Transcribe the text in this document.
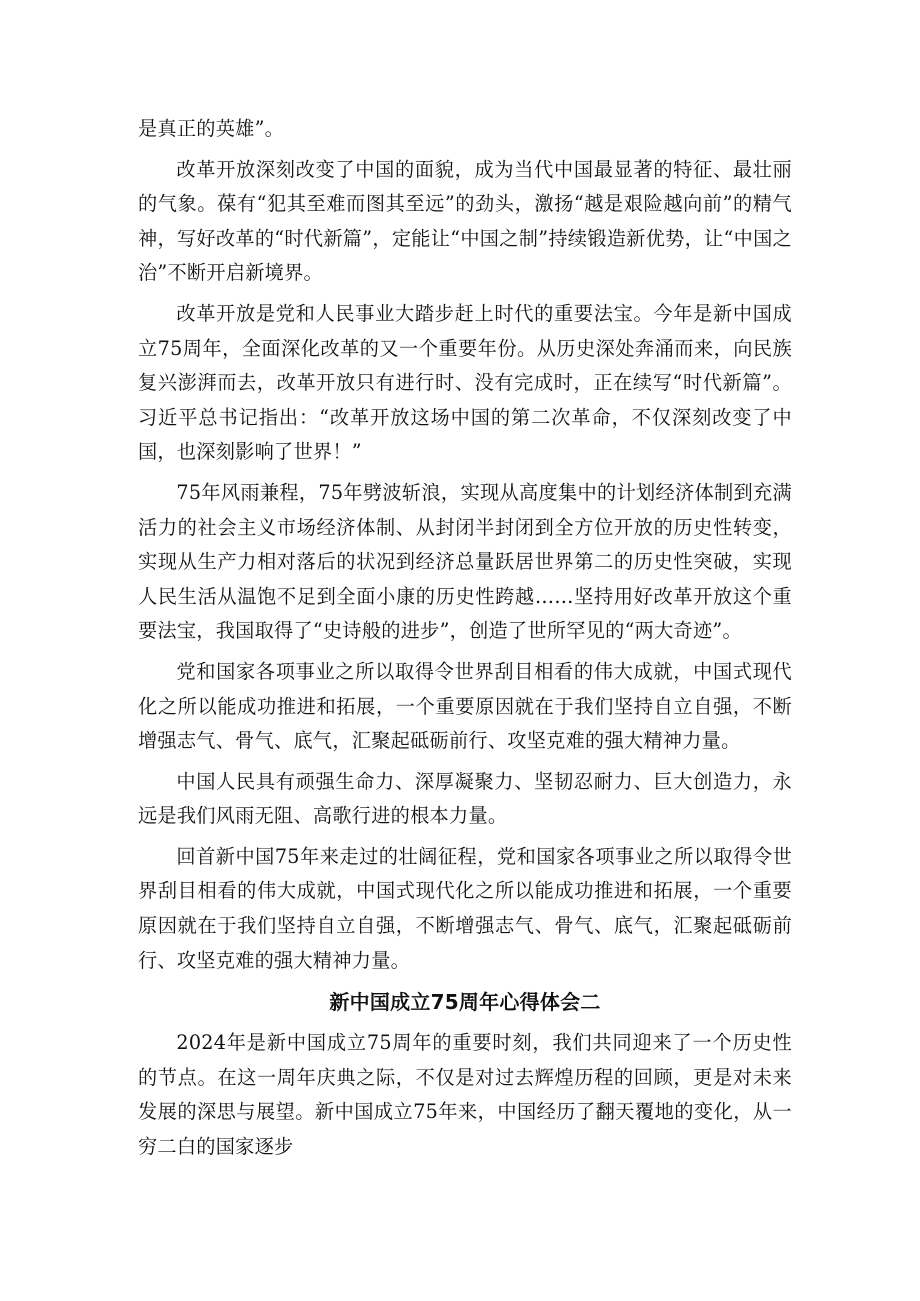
是真正的英雄”。

改革开放深刻改变了中国的面貌，成为当代中国最显著的特征、最壮丽的气象。葆有“犯其至难而图其至远”的劲头，激扬“越是艰险越向前”的精气神，写好改革的“时代新篇”，定能让“中国之制”持续锻造新优势，让“中国之治”不断开启新境界。

改革开放是党和人民事业大踏步赶上时代的重要法宝。今年是新中国成立75周年，全面深化改革的又一个重要年份。从历史深处奔涌而来，向民族复兴澎湃而去，改革开放只有进行时、没有完成时，正在续写“时代新篇”。习近平总书记指出：“改革开放这场中国的第二次革命，不仅深刻改变了中国，也深刻影响了世界！”

75年风雨兼程，75年劈波斩浪，实现从高度集中的计划经济体制到充满活力的社会主义市场经济体制、从封闭半封闭到全方位开放的历史性转变，实现从生产力相对落后的状况到经济总量跃居世界第二的历史性突破，实现人民生活从温饱不足到全面小康的历史性跨越……坚持用好改革开放这个重要法宝，我国取得了“史诗般的进步”，创造了世所罕见的“两大奇迹”。

党和国家各项事业之所以取得令世界刮目相看的伟大成就，中国式现代化之所以能成功推进和拓展，一个重要原因就在于我们坚持自立自强，不断增强志气、骨气、底气，汇聚起砥砺前行、攻坚克难的强大精神力量。

中国人民具有顽强生命力、深厚凝聚力、坚韧忍耐力、巨大创造力，永远是我们风雨无阻、高歌行进的根本力量。

回首新中国75年来走过的壮阔征程，党和国家各项事业之所以取得令世界刮目相看的伟大成就，中国式现代化之所以能成功推进和拓展，一个重要原因就在于我们坚持自立自强，不断增强志气、骨气、底气，汇聚起砥砺前行、攻坚克难的强大精神力量。

新中国成立75周年心得体会二

2024年是新中国成立75周年的重要时刻，我们共同迎来了一个历史性的节点。在这一周年庆典之际，不仅是对过去辉煌历程的回顾，更是对未来发展的深思与展望。新中国成立75年来，中国经历了翻天覆地的变化，从一穷二白的国家逐步
